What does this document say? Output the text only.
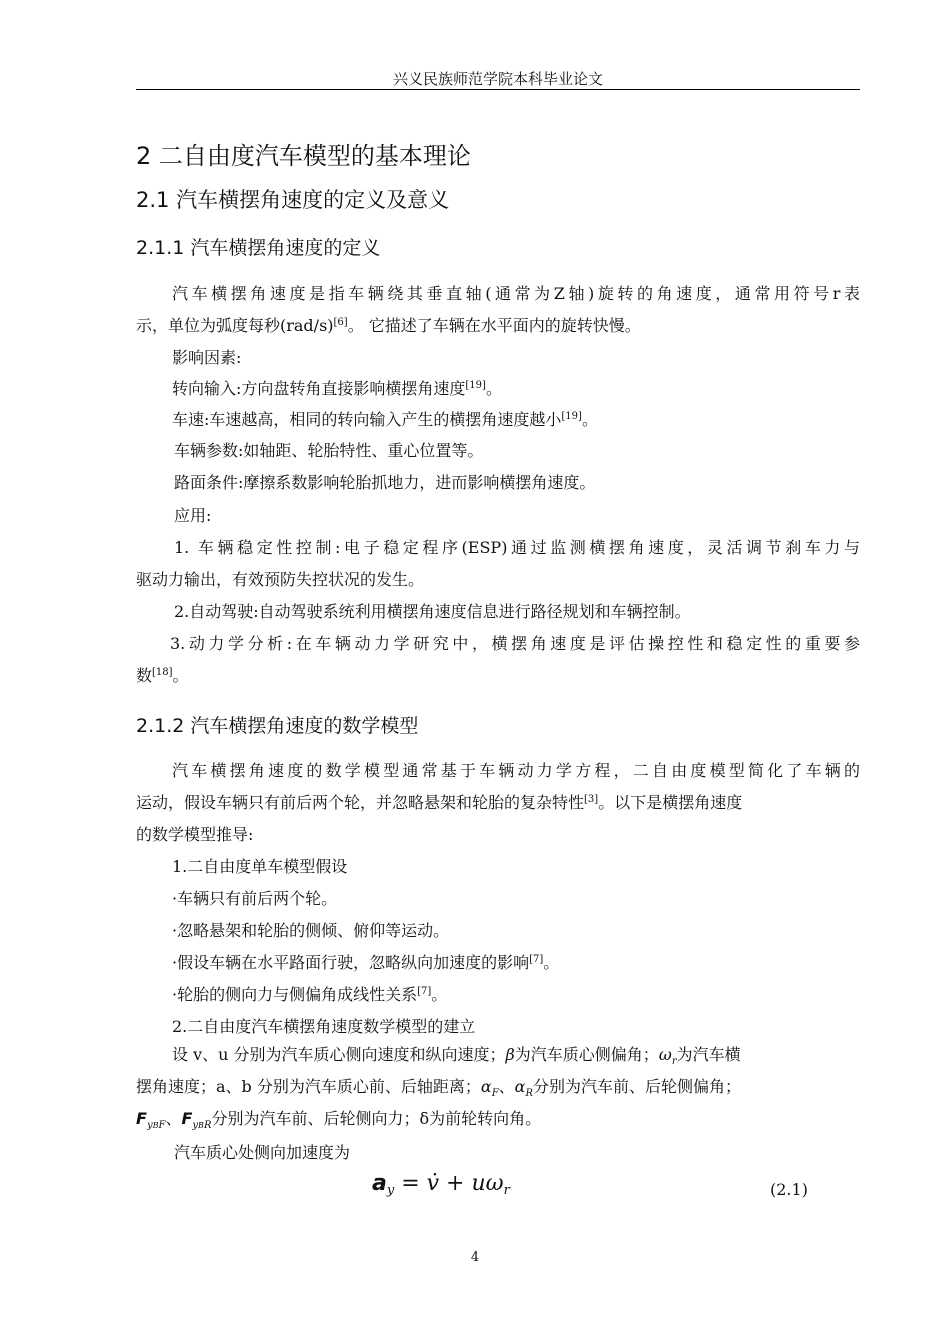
兴义民族师范学院本科毕业论文
2 二自由度汽车模型的基本理论
2.1 汽车横摆角速度的定义及意义
2.1.1 汽车横摆角速度的定义
汽车横摆角速度是指车辆绕其垂直轴(通常为Z轴)旋转的角速度，通常用符号r表
示，单位为弧度每秒(rad/s)[6]。 它描述了车辆在水平面内的旋转快慢。
影响因素:
转向输入:方向盘转角直接影响横摆角速度[19]。
车速:车速越高，相同的转向输入产生的横摆角速度越小[19]。
车辆参数:如轴距、轮胎特性、重心位置等。
路面条件:摩擦系数影响轮胎抓地力，进而影响横摆角速度。
应用:
1. 车辆稳定性控制:电子稳定程序(ESP)通过监测横摆角速度，灵活调节刹车力与
驱动力输出，有效预防失控状况的发生。
2.自动驾驶:自动驾驶系统利用横摆角速度信息进行路径规划和车辆控制。
3.动力学分析:在车辆动力学研究中，横摆角速度是评估操控性和稳定性的重要参
数[18]。
2.1.2 汽车横摆角速度的数学模型
汽车横摆角速度的数学模型通常基于车辆动力学方程，二自由度模型简化了车辆的
运动，假设车辆只有前后两个轮，并忽略悬架和轮胎的复杂特性[3]。以下是横摆角速度
的数学模型推导:
1.二自由度单车模型假设
·车辆只有前后两个轮。
·忽略悬架和轮胎的侧倾、俯仰等运动。
·假设车辆在水平路面行驶，忽略纵向加速度的影响[7]。
·轮胎的侧向力与侧偏角成线性关系[7]。
2.二自由度汽车横摆角速度数学模型的建立
设 v、u 分别为汽车质心侧向速度和纵向速度；β为汽车质心侧偏角；$\omega_r$为汽车横
摆角速度；a、b 分别为汽车质心前、后轴距离；$\alpha_F$、$\alpha_R$分别为汽车前、后轮侧偏角；
$F_{yBF}$、$F_{yBR}$分别为汽车前、后轮侧向力；δ为前轮转向角。
汽车质心处侧向加速度为
$a_y$ = v̇ + $u\omega_r$	(2.1)
4
